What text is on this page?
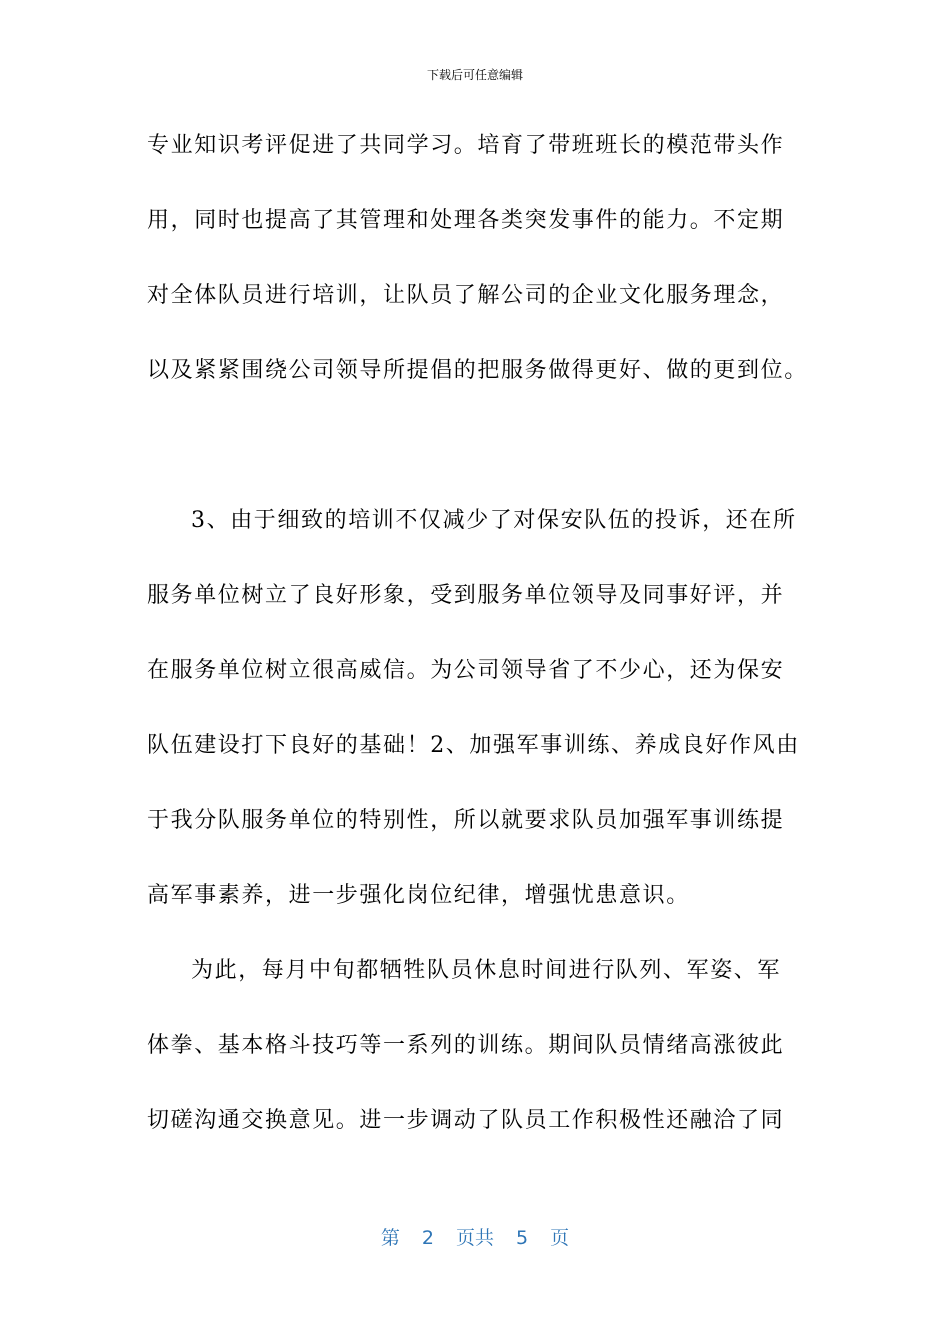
下载后可任意编辑
专业知识考评促进了共同学习。培育了带班班长的模范带头作
用，同时也提高了其管理和处理各类突发事件的能力。不定期
对全体队员进行培训，让队员了解公司的企业文化服务理念，
以及紧紧围绕公司领导所提倡的把服务做得更好、做的更到位。
3、由于细致的培训不仅减少了对保安队伍的投诉，还在所
服务单位树立了良好形象，受到服务单位领导及同事好评，并
在服务单位树立很高威信。为公司领导省了不少心，还为保安
队伍建设打下良好的基础！2、加强军事训练、养成良好作风由
于我分队服务单位的特别性，所以就要求队员加强军事训练提
高军事素养，进一步强化岗位纪律，增强忧患意识。
为此，每月中旬都牺牲队员休息时间进行队列、军姿、军
体拳、基本格斗技巧等一系列的训练。期间队员情绪高涨彼此
切磋沟通交换意见。进一步调动了队员工作积极性还融洽了同
第 2 页共 5 页
